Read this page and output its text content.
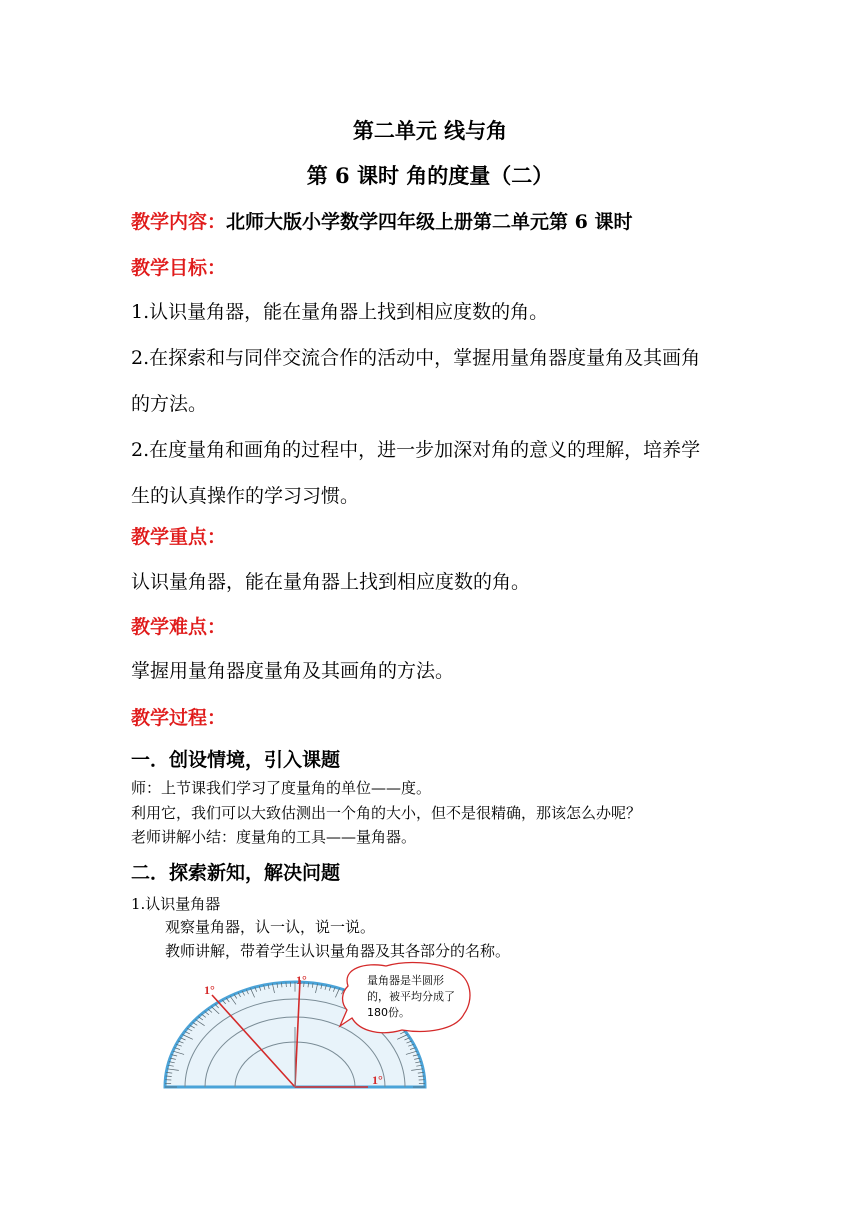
第二单元 线与角
第 6 课时 角的度量（二）
教学内容：北师大版小学数学四年级上册第二单元第 6 课时
教学目标：
1.认识量角器，能在量角器上找到相应度数的角。
2.在探索和与同伴交流合作的活动中，掌握用量角器度量角及其画角
的方法。
2.在度量角和画角的过程中，进一步加深对角的意义的理解，培养学
生的认真操作的学习习惯。
教学重点：
认识量角器，能在量角器上找到相应度数的角。
教学难点：
掌握用量角器度量角及其画角的方法。
教学过程：
一．创设情境，引入课题
师：上节课我们学习了度量角的单位——度。
利用它，我们可以大致估测出一个角的大小，但不是很精确，那该怎么办呢？
老师讲解小结：度量角的工具——量角器。
二．探索新知，解决问题
1.认识量角器
观察量角器，认一认，说一说。
教师讲解，带着学生认识量角器及其各部分的名称。
1°
1°
1°
量角器是半圆形的，被平均分成了180份。
